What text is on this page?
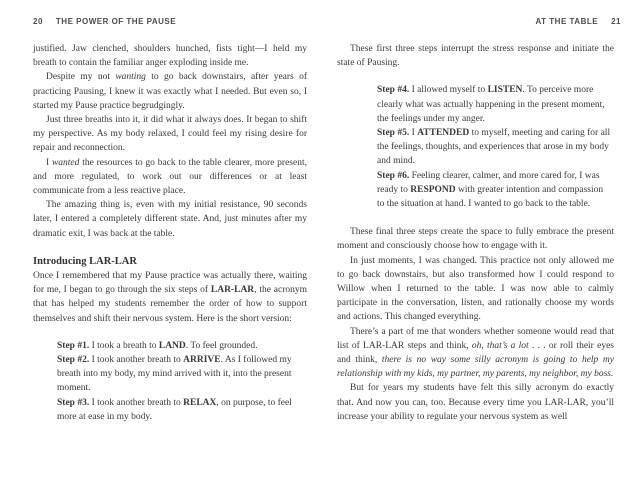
20 THE POWER OF THE PAUSE	AT THE TABLE 21

justified. Jaw clenched, shoulders hunched, fists tight—I held my breath to contain the familiar anger exploding inside me.

Despite my not wanting to go back downstairs, after years of practicing Pausing, I knew it was exactly what I needed. But even so, I started my Pause practice begrudgingly.

Just three breaths into it, it did what it always does. It began to shift my perspective. As my body relaxed, I could feel my rising desire for repair and reconnection.

I wanted the resources to go back to the table clearer, more present, and more regulated, to work out our differences or at least communicate from a less reactive place.

The amazing thing is, even with my initial resistance, 90 seconds later, I entered a completely different state. And, just minutes after my dramatic exit, I was back at the table.

Introducing LAR-LAR

Once I remembered that my Pause practice was actually there, waiting for me, I began to go through the six steps of LAR-LAR, the acronym that has helped my students remember the order of how to support themselves and shift their nervous system. Here is the short version:

Step #1. I took a breath to LAND. To feel grounded.

Step #2. I took another breath to ARRIVE. As I followed my breath into my body, my mind arrived with it, into the present moment.

Step #3. I took another breath to RELAX, on purpose, to feel more at ease in my body.

These first three steps interrupt the stress response and initiate the state of Pausing.

Step #4. I allowed myself to LISTEN. To perceive more clearly what was actually happening in the present moment, the feelings under my anger.

Step #5. I ATTENDED to myself, meeting and caring for all the feelings, thoughts, and experiences that arose in my body and mind.

Step #6. Feeling clearer, calmer, and more cared for, I was ready to RESPOND with greater intention and compassion to the situation at hand. I wanted to go back to the table.

These final three steps create the space to fully embrace the present moment and consciously choose how to engage with it.

In just moments, I was changed. This practice not only allowed me to go back downstairs, but also transformed how I could respond to Willow when I returned to the table. I was now able to calmly participate in the conversation, listen, and rationally choose my words and actions. This changed everything.

There’s a part of me that wonders whether someone would read that list of LAR-LAR steps and think, oh, that’s a lot . . . or roll their eyes and think, there is no way some silly acronym is going to help my relationship with my kids, my partner, my parents, my neighbor, my boss.

But for years my students have felt this silly acronym do exactly that. And now you can, too. Because every time you LAR-LAR, you’ll increase your ability to regulate your nervous system as well
